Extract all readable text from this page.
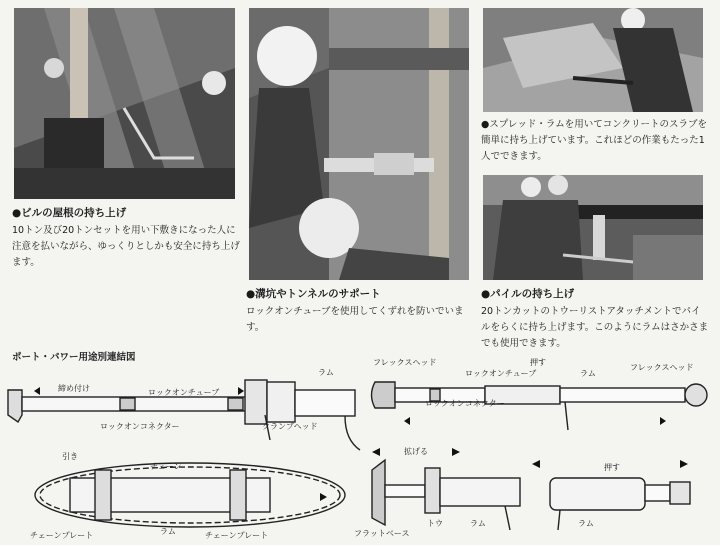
●ビルの屋根の持ち上げ
10トン及び20トンセットを用い下敷きになった人に注意を払いながら、ゆっくりとしかも安全に持ち上げます。
●溝坑やトンネルのサポート
ロックオンチューブを使用してくずれを防いでいます。
●スプレッド・ラムを用いてコンクリートのスラブを簡単に持ち上げています。これほどの作業もたった1人でできます。
●パイルの持ち上げ
20トンカットのトウーリストアタッチメントでパイルをらくに持ち上げます。このようにラムはさかさまでも使用できます。
ポート・パワー用途別連結図
締め付け	ロックオンチューブ
ラム
ロックオンコネクター	クランプヘッド
フレックスヘッド	押す
ロックオンチューブ	ラム
フレックスヘッド
ロックオンコネクター
引き
チェーン
チェーンプレート	ラム	チェーンプレート
拡げる
フラットベース
トウ	ラム
押す
ラム
